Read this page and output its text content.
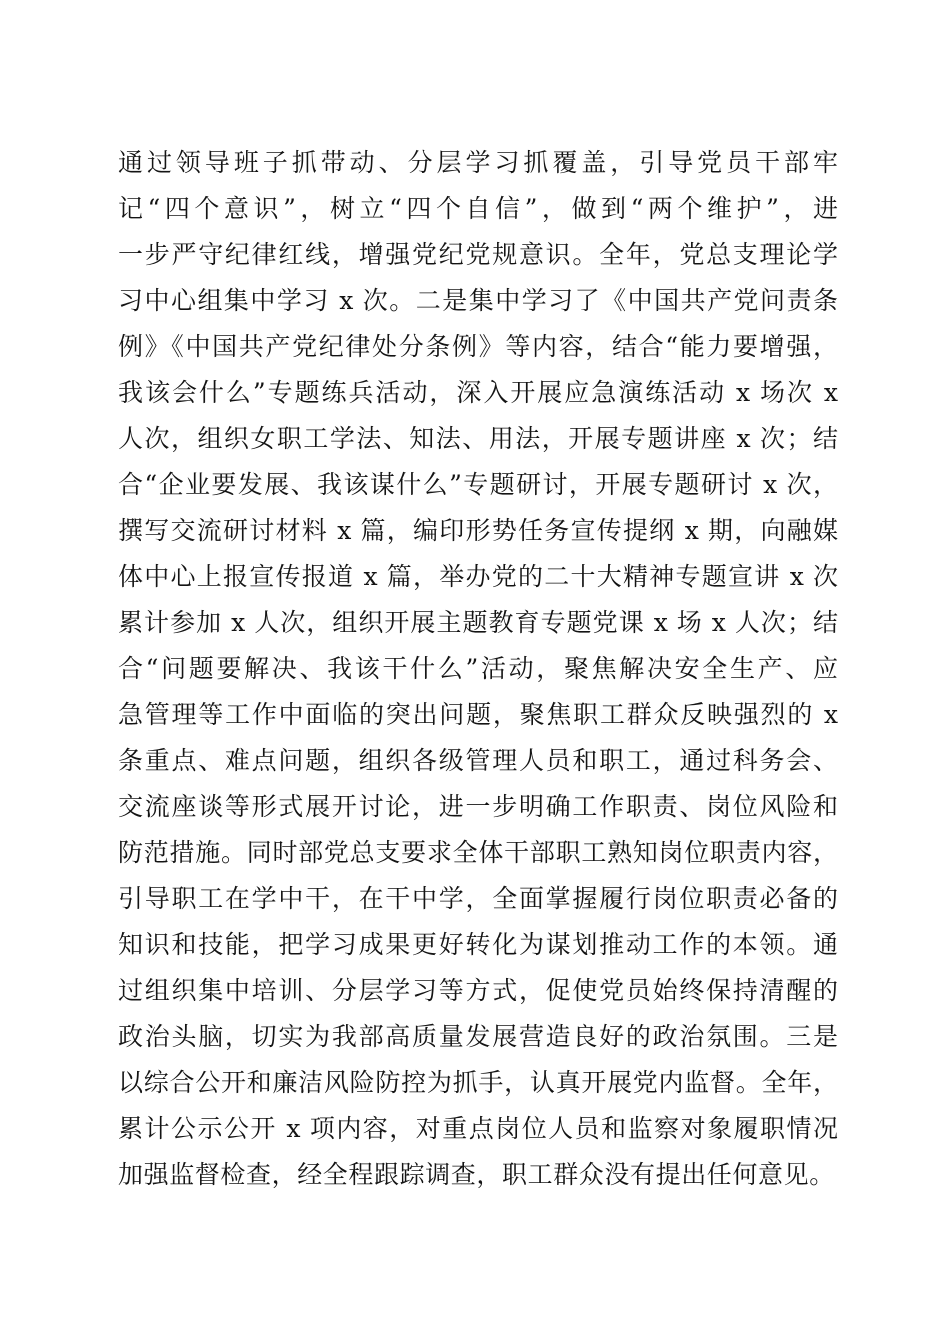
通过领导班子抓带动、分层学习抓覆盖，引导党员干部牢
记“四个意识”，树立“四个自信”，做到“两个维护”，进
一步严守纪律红线，增强党纪党规意识。全年，党总支理论学
习中心组集中学习 x 次。二是集中学习了《中国共产党问责条
例》《中国共产党纪律处分条例》等内容，结合“能力要增强，
我该会什么”专题练兵活动，深入开展应急演练活动 x 场次 x
人次，组织女职工学法、知法、用法，开展专题讲座 x 次；结
合“企业要发展、我该谋什么”专题研讨，开展专题研讨 x 次，
撰写交流研讨材料 x 篇，编印形势任务宣传提纲 x 期，向融媒
体中心上报宣传报道 x 篇，举办党的二十大精神专题宣讲 x 次
累计参加 x 人次，组织开展主题教育专题党课 x 场 x 人次；结
合“问题要解决、我该干什么”活动，聚焦解决安全生产、应
急管理等工作中面临的突出问题，聚焦职工群众反映强烈的 x
条重点、难点问题，组织各级管理人员和职工，通过科务会、
交流座谈等形式展开讨论，进一步明确工作职责、岗位风险和
防范措施。同时部党总支要求全体干部职工熟知岗位职责内容，
引导职工在学中干，在干中学，全面掌握履行岗位职责必备的
知识和技能，把学习成果更好转化为谋划推动工作的本领。通
过组织集中培训、分层学习等方式，促使党员始终保持清醒的
政治头脑，切实为我部高质量发展营造良好的政治氛围。三是
以综合公开和廉洁风险防控为抓手，认真开展党内监督。全年，
累计公示公开 x 项内容，对重点岗位人员和监察对象履职情况
加强监督检查，经全程跟踪调查，职工群众没有提出任何意见。
